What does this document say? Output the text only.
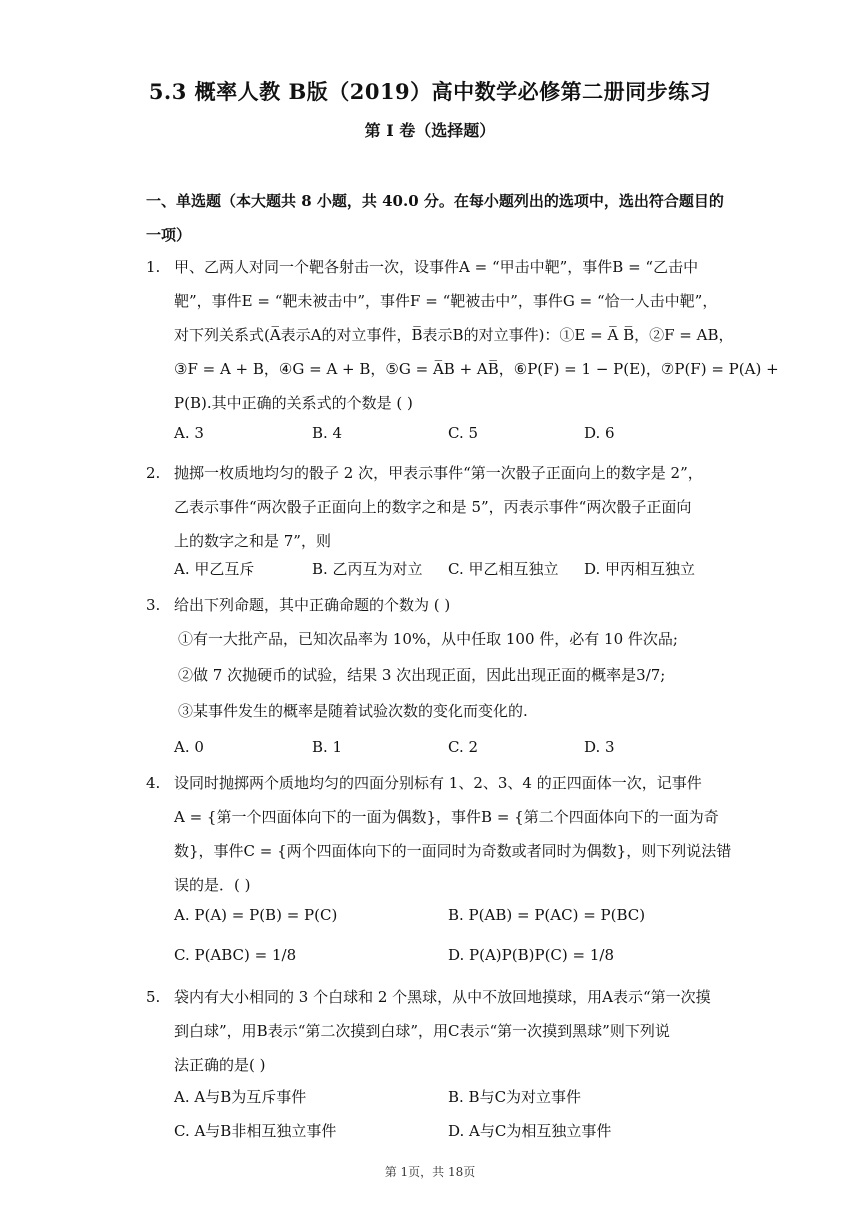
5.3 概率人教 B版（2019）高中数学必修第二册同步练习
第 I 卷（选择题）
一、单选题（本大题共 8 小题，共 40.0 分。在每小题列出的选项中，选出符合题目的
一项）
1. 甲、乙两人对同一个靶各射击一次，设事件A = “甲击中靶”，事件B = “乙击中
靶”，事件E = “靶未被击中”，事件F = “靶被击中”，事件G = “恰一人击中靶”，
对下列关系式(A̅表示A的对立事件，B̅表示B的对立事件)：①E = A̅ B̅，②F = AB，
③F = A + B，④G = A + B，⑤G = A̅B + AB̅，⑥P(F) = 1 − P(E)，⑦P(F) = P(A) +
P(B).其中正确的关系式的个数是 ( )
A. 3	B. 4	C. 5	D. 6
2. 抛掷一枚质地均匀的骰子 2 次，甲表示事件“第一次骰子正面向上的数字是 2”，
乙表示事件“两次骰子正面向上的数字之和是 5”，丙表示事件“两次骰子正面向
上的数字之和是 7”，则
A. 甲乙互斥	B. 乙丙互为对立 C. 甲乙相互独立 D. 甲丙相互独立
3. 给出下列命题，其中正确命题的个数为 ( )
①有一大批产品，已知次品率为 10%，从中任取 100 件，必有 10 件次品;
②做 7 次抛硬币的试验，结果 3 次出现正面，因此出现正面的概率是3/7;
③某事件发生的概率是随着试验次数的变化而变化的.
A. 0	B. 1	C. 2	D. 3
4. 设同时抛掷两个质地均匀的四面分别标有 1、2、3、4 的正四面体一次，记事件
A = {第一个四面体向下的一面为偶数}，事件B = {第二个四面体向下的一面为奇
数}，事件C = {两个四面体向下的一面同时为奇数或者同时为偶数}，则下列说法错
误的是．( )
A. P(A) = P(B) = P(C)	B. P(AB) = P(AC) = P(BC)
C. P(ABC) = 1/8	D. P(A)P(B)P(C) = 1/8
5. 袋内有大小相同的 3 个白球和 2 个黑球，从中不放回地摸球，用A表示“第一次摸
到白球”，用B表示“第二次摸到白球”，用C表示“第一次摸到黑球”则下列说
法正确的是( )
A. A与B为互斥事件	B. B与C为对立事件
C. A与B非相互独立事件	D. A与C为相互独立事件
第 1页，共 18页
